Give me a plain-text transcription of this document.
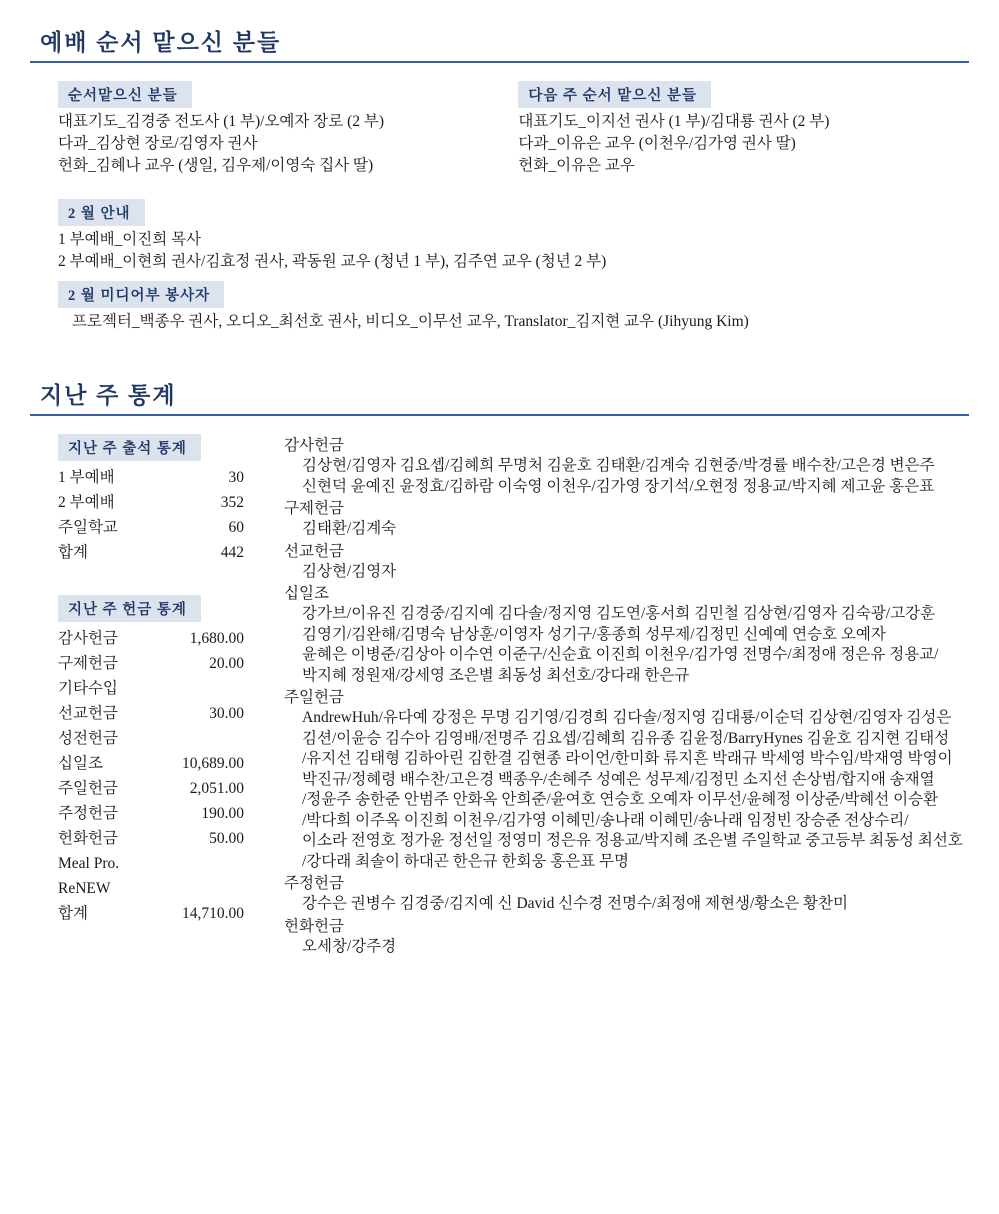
예배 순서 맡으신 분들
순서맡으신 분들
대표기도_김경중 전도사 (1 부)/오예자 장로 (2 부)
다과_김상현 장로/김영자 권사
헌화_김혜나 교우 (생일, 김우제/이영숙 집사 딸)
다음 주 순서 맡으신 분들
대표기도_이지선 권사 (1 부)/김대룡 권사 (2 부)
다과_이유은 교우 (이천우/김가영 권사 딸)
헌화_이유은 교우
2 월 안내
1 부예배_이진희 목사
2 부예배_이현희 권사/김효정 권사, 곽동원 교우 (청년 1 부), 김주연 교우 (청년 2 부)
2 월 미디어부 봉사자
프로젝터_백종우 권사, 오디오_최선호 권사, 비디오_이무선 교우, Translator_김지현 교우 (Jihyung Kim)
지난 주 통계
지난 주 출석 통계
1 부예배	30
2 부예배	352
주일학교	60
합계	442
지난 주 헌금 통계
감사헌금	1,680.00
구제헌금	20.00
기타수입	
선교헌금	30.00
성전헌금	
십일조	10,689.00
주일헌금	2,051.00
주정헌금	190.00
헌화헌금	50.00
Meal Pro.	
ReNEW	
합계	14,710.00
감사헌금
김상현/김영자 김요셉/김혜희 무명처 김윤호 김태환/김계숙 김현중/박경률 배수찬/고은경 변은주
신현덕 윤예진 윤정효/김하람 이숙영 이천우/김가영 장기석/오현정 정용교/박지혜 제고윤 홍은표
구제헌금
김태환/김계숙
선교헌금
김상현/김영자
십일조
강가브/이유진 김경중/김지예 김다솔/정지영 김도연/홍서희 김민철 김상현/김영자 김숙광/고강훈
김영기/김완해/김명숙 남상훈/이영자 성기구/홍종희 성무제/김정민 신예예 연승호 오예자
윤혜은 이병준/김상아 이수연 이준구/신순효 이진희 이천우/김가영 전명수/최정애 정은유 정용교/
박지혜 정원재/강세영 조은별 최동성 최선호/강다래 한은규
주일헌금
AndrewHuh/유다예 강정은 무명 김기영/김경희 김다솔/정지영 김대룡/이순덕 김상현/김영자 김성은
김션/이윤승 김수아 김영배/전명주 김요셉/김혜희 김유종 김윤정/BarryHynes 김윤호 김지현 김태성
/유지선 김태형 김하아린 김한결 김현종 라이언/한미화 류지흔 박래규 박세영 박수임/박재영 박영이
박진규/정혜령 배수찬/고은경 백종우/손혜주 성예은 성무제/김정민 소지선 손상범/합지애 송재열
/정윤주 송한준 안범주 안화옥 안희준/윤여호 연승호 오예자 이무선/윤혜정 이상준/박혜선 이승환
/박다희 이주옥 이진희 이천우/김가영 이혜민/송나래 이혜민/송나래 임정빈 장승준 전상수리/
이소라 전영호 정가윤 정선일 정영미 정은유 정용교/박지혜 조은별 주일학교 중고등부 최동성 최선호
/강다래 최솔이 하대곤 한은규 한회웅 홍은표 무명
주정헌금
강수은 권병수 김경중/김지예 신 David 신수경 전명수/최정애 제현생/황소은 황찬미
헌화헌금
오세창/강주경
